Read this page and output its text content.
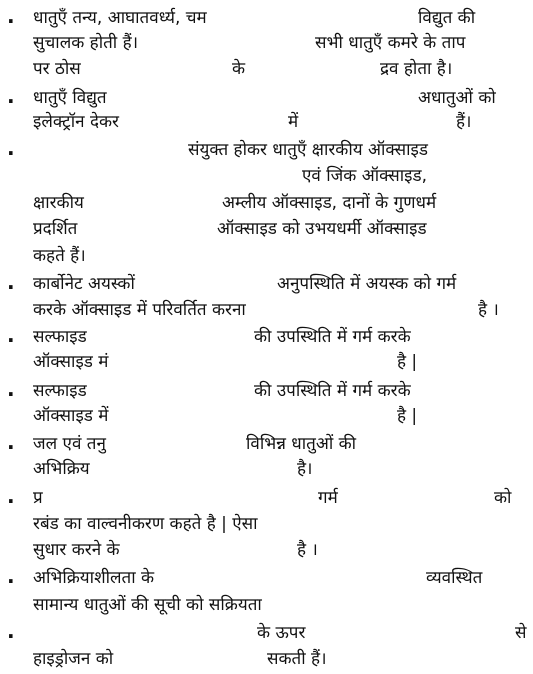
. धातुएँ तन्य, आघातवर्ध्य, चम	विद्युत की
सुचालक होती हैं।	सभी धातुएँ कमरे के ताप
पर ठोस	के	द्रव होता है।
. धातुएँ विद्युत	अधातुओं को
इलेक्ट्रॉन देकर	में	हैं।
.	संयुक्त होकर धातुएँ क्षारकीय ऑक्साइड
एवं जिंक ऑक्साइड,
क्षारकीय	अम्लीय ऑक्साइड, दानों के गुणधर्म
प्रदर्शित	ऑक्साइड को उभयधर्मी ऑक्साइड
कहते हैं।
. कार्बोनेट अयस्कों	अनुपस्थिति में अयस्क को गर्म
करके ऑक्साइड में परिवर्तित करना	है ।
. सल्फाइड	की उपस्थिति में गर्म करके
ऑक्साइड मं	है |
. सल्फाइड	की उपस्थिति में गर्म करके
ऑक्साइड में	है |
. जल एवं तनु	विभिन्न धातुओं की
अभिक्रिय	है।
. प्र	गर्म	को
रबंड का वाल्वनीकरण कहते है | ऐसा
सुधार करने के	है ।
. अभिक्रियाशीलता के	व्यवस्थित
सामान्य धातुओं की सूची को सक्रियता
.	के ऊपर	से
हाइड्रोजन को	सकती हैं।
